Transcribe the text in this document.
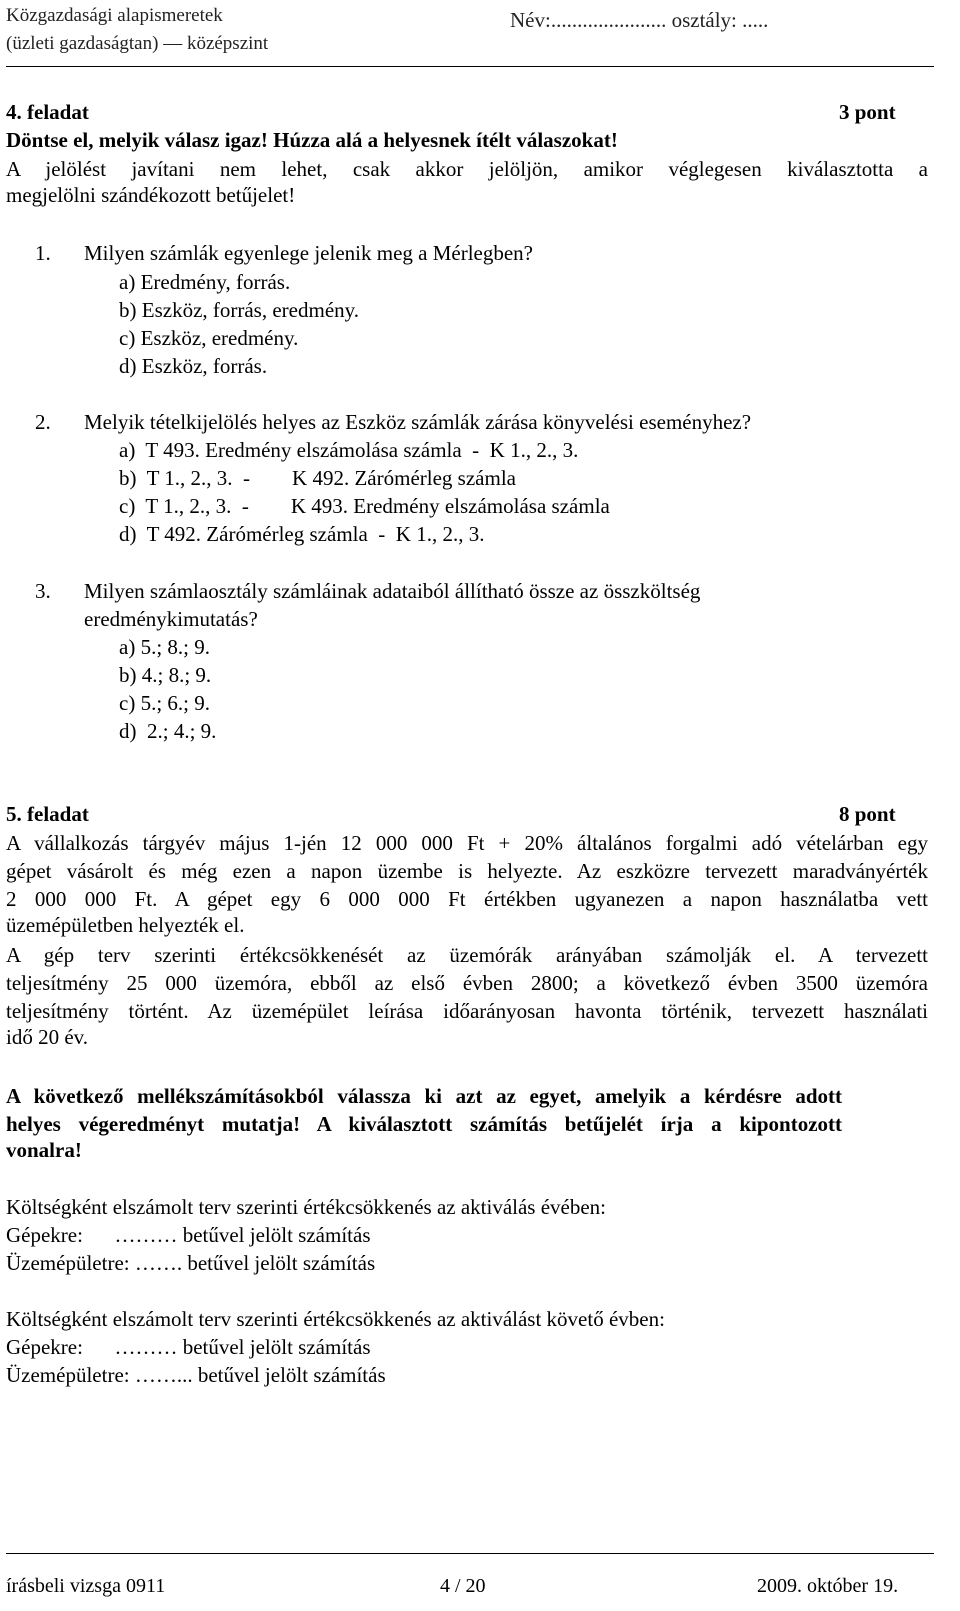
Közgazdasági alapismeretek
(üzleti gazdaságtan) — középszint
Név:...................... osztály: .....
4. feladat	3 pont
Döntse el, melyik válasz igaz! Húzza alá a helyesnek ítélt válaszokat!
A jelölést javítani nem lehet, csak akkor jelöljön, amikor véglegesen kiválasztotta a
megjelölni szándékozott betűjelet!
1. Milyen számlák egyenlege jelenik meg a Mérlegben?
a) Eredmény, forrás.
b) Eszköz, forrás, eredmény.
c) Eszköz, eredmény.
d) Eszköz, forrás.
2. Melyik tételkijelölés helyes az Eszköz számlák zárása könyvelési eseményhez?
a)  T 493. Eredmény elszámolása számla  -  K 1., 2., 3.
b)  T 1., 2., 3.  -        K 492. Zárómérleg számla
c)  T 1., 2., 3.  -        K 493. Eredmény elszámolása számla
d)  T 492. Zárómérleg számla  -  K 1., 2., 3.
3. Milyen számlaosztály számláinak adataiból állítható össze az összköltség
eredménykimutatás?
a) 5.; 8.; 9.
b) 4.; 8.; 9.
c) 5.; 6.; 9.
d)  2.; 4.; 9.
5. feladat	8 pont
A vállalkozás tárgyév május 1-jén 12 000 000 Ft + 20% általános forgalmi adó vételárban egy
gépet vásárolt és még ezen a napon üzembe is helyezte. Az eszközre tervezett maradványérték
2 000 000 Ft. A gépet egy 6 000 000 Ft értékben ugyanezen a napon használatba vett
üzemépületben helyezték el.
A gép terv szerinti értékcsökkenését az üzemórák arányában számolják el. A tervezett
teljesítmény 25 000 üzemóra, ebből az első évben 2800; a következő évben 3500 üzemóra
teljesítmény történt. Az üzemépület leírása időarányosan havonta történik, tervezett használati
idő 20 év.
A következő mellékszámításokból válassza ki azt az egyet, amelyik a kérdésre adott
helyes végeredményt mutatja! A kiválasztott számítás betűjelét írja a kipontozott
vonalra!
Költségként elszámolt terv szerinti értékcsökkenés az aktiválás évében:
Gépekre:      ……… betűvel jelölt számítás
Üzemépületre: ……. betűvel jelölt számítás
Költségként elszámolt terv szerinti értékcsökkenés az aktiválást követő évben:
Gépekre:      ……… betűvel jelölt számítás
Üzemépületre: ……... betűvel jelölt számítás
írásbeli vizsga 0911	4 / 20	2009. október 19.
